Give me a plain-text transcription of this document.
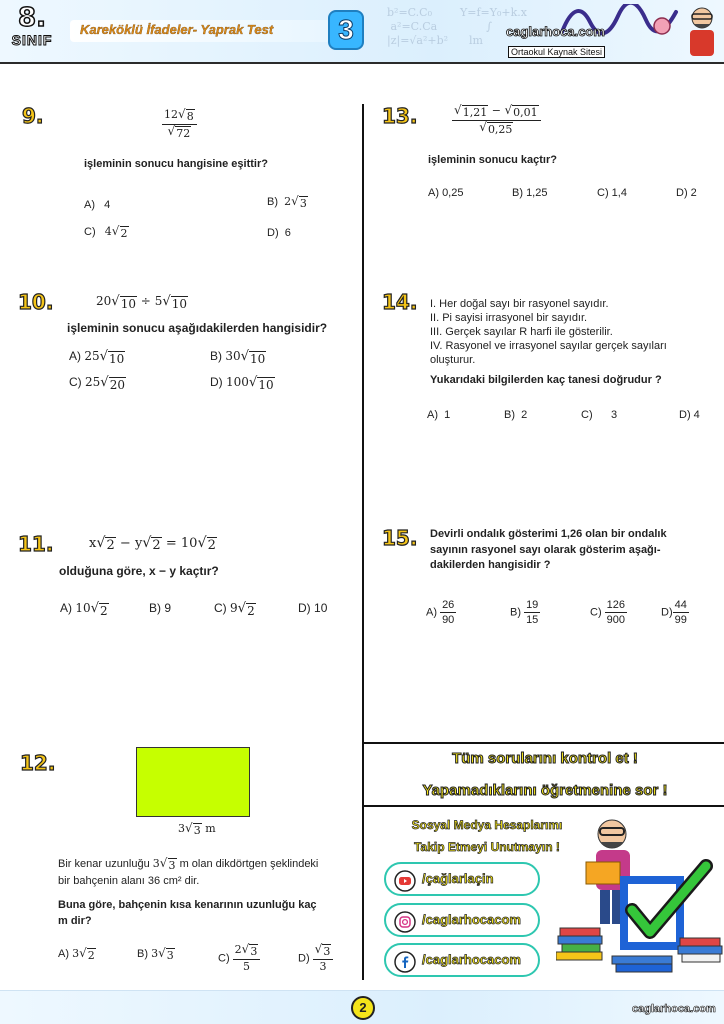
b²=C.C₀        Y=f=Y₀+k.x
a²=C.Ca              ∫
|z|=√a²+b²      lm
8.
SINIF
Kareköklü İfadeler- Yaprak Test	3	caglarhoca.com
Ortaokul Kaynak Sitesi
9.	$\frac{12 √ 8}{√ 72}$
işleminin sonucu hangisine eşittir?
A) 4	B) 2 √ 3
C) 4 √ 2	D) 6
10.	20 √ 10 ÷ 5 √ 10
işleminin sonucu aşağıdakilerden hangisidir?
A) 25 √ 10	B) 30 √ 10
C) 25 √ 20	D) 100 √ 10
11.	x √ 2 − y √ 2 = 10 √ 2
olduğuna göre, x − y kaçtır?
A) 10 √ 2	B) 9	C) 9 √ 2	D) 10
12.
3 √ 3 m
Bir kenar uzunluğu 3 √ 3 m olan dikdörtgen şeklindeki
bir bahçenin alanı 36 cm² dir.
Buna göre, bahçenin kısa kenarının uzunluğu kaç
m dir?
A) 3 √ 2	B) 3 √ 3	$C) \frac{2 √ 3}{5}$	$D) \frac{√ 3}{3}$
13.	$\frac{√ 1,21 - √ 0,01}{√ 0,25}$
işleminin sonucu kaçtır?
A) 0,25	B) 1,25	C) 1,4	D) 2
14. I. Her doğal sayı bir rasyonel sayıdır.
II. Pi sayisi irrasyonel bir sayıdır.
III. Gerçek sayılar R harfi ile gösterilir.
IV. Rasyonel ve irrasyonel sayılar gerçek sayıları
oluşturur.
Yukarıdaki bilgilerden kaç tanesi doğrudur ?
A) 1	B) 2	C) 3	D) 4
15. Devirli ondalık gösterimi 1,26 olan bir ondalık
sayının rasyonel sayı olarak gösterim aşağı-
dakilerden hangisidir ?
$A) \frac{26}{90}$	$B) \frac{19}{15}$	$C) \frac{126}{900}$	$D) \frac{44}{99}$
Tüm sorularını kontrol et !
Yapamadıklarını öğretmenine sor !
Sosyal Medya Hesaplarımı
Takip Etmeyi Unutmayın !
/çağlarlaçin
/caglarhocacom
/caglarhocacom
2	caglarhoca.com
